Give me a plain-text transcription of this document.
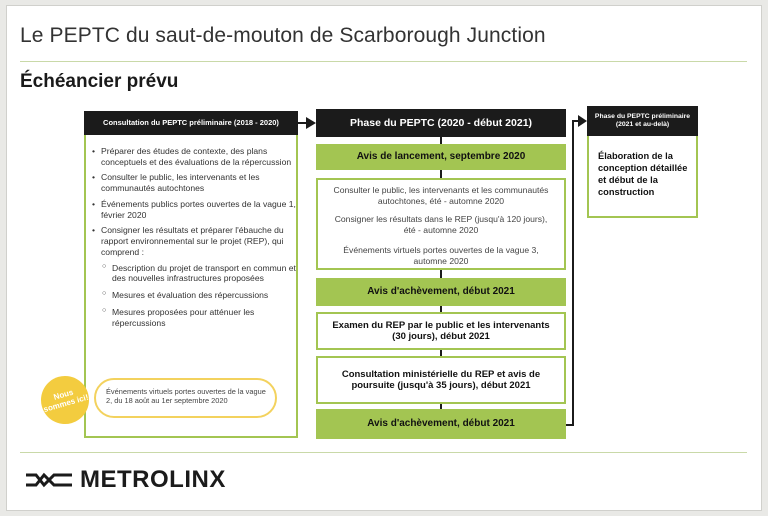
Le PEPTC du saut-de-mouton de Scarborough Junction
Échéancier prévu
Consultation du PEPTC préliminaire (2018 - 2020)
• Préparer des études de contexte, des plans conceptuels et des évaluations de la répercussion
• Consulter le public, les intervenants et les communautés autochtones
• Événements publics portes ouvertes de la vague 1, février 2020
• Consigner les résultats et préparer l'ébauche du rapport environnemental sur le projet (REP), qui comprend :
○ Description du projet de transport en commun et des nouvelles infrastructures proposées
○ Mesures et évaluation des répercussions
○ Mesures proposées pour atténuer les répercussions
Événements virtuels portes ouvertes de la vague 2, du 18 août au 1er septembre 2020
Nous sommes ici!
Phase du PEPTC (2020 - début 2021)
Avis de lancement, septembre 2020
Consulter le public, les intervenants et les communautés autochtones, été - automne 2020
Consigner les résultats dans le REP (jusqu'à 120 jours), été - automne 2020
Événements virtuels portes ouvertes de la vague 3, automne 2020
Avis d'achèvement, début 2021
Examen du REP par le public et les intervenants (30 jours), début 2021
Consultation ministérielle du REP et avis de poursuite (jusqu'à 35 jours), début 2021
Avis d'achèvement, début 2021
Phase du PEPTC préliminaire (2021 et au-delà)
Élaboration de la conception détaillée et début de la construction
METROLINX
